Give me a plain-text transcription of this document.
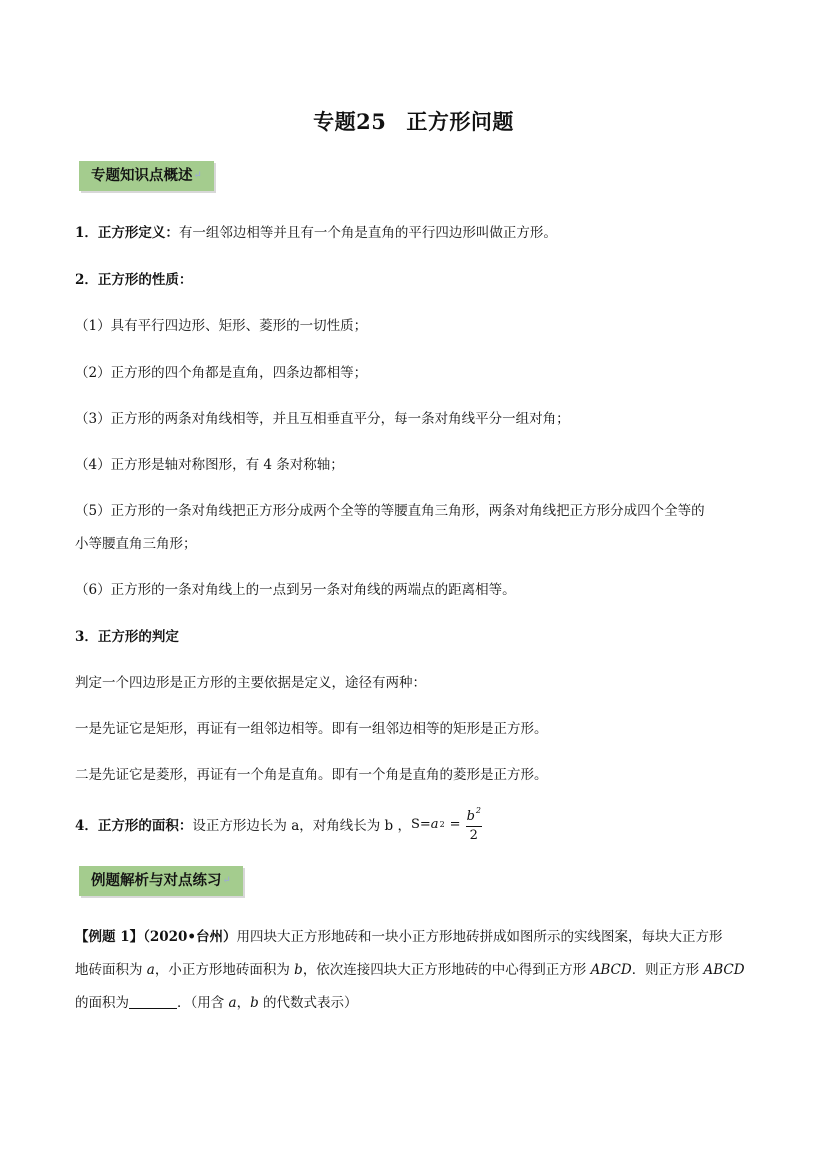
专题25 正方形问题
专题知识点概述↵
1．正方形定义：有一组邻边相等并且有一个角是直角的平行四边形叫做正方形。
2．正方形的性质：
（1）具有平行四边形、矩形、菱形的一切性质；
（2）正方形的四个角都是直角，四条边都相等；
（3）正方形的两条对角线相等，并且互相垂直平分，每一条对角线平分一组对角；
（4）正方形是轴对称图形，有 4 条对称轴；
（5）正方形的一条对角线把正方形分成两个全等的等腰直角三角形，两条对角线把正方形分成四个全等的
小等腰直角三角形；
（6）正方形的一条对角线上的一点到另一条对角线的两端点的距离相等。
3．正方形的判定
判定一个四边形是正方形的主要依据是定义，途径有两种：
一是先证它是矩形，再证有一组邻边相等。即有一组邻边相等的矩形是正方形。
二是先证它是菱形，再证有一个角是直角。即有一个角是直角的菱形是正方形。
4．正方形的面积： 设正方形边长为 a，对角线长为 b ， S= a $2 = \frac{b^2}{2}$
例题解析与对点练习↵
【例题 1】（2020•台州）用四块大正方形地砖和一块小正方形地砖拼成如图所示的实线图案，每块大正方形
地砖面积为 a，小正方形地砖面积为 b，依次连接四块大正方形地砖的中心得到正方形 ABCD．则正方形 ABCD
的面积为	．（用含 a，b 的代数式表示）
